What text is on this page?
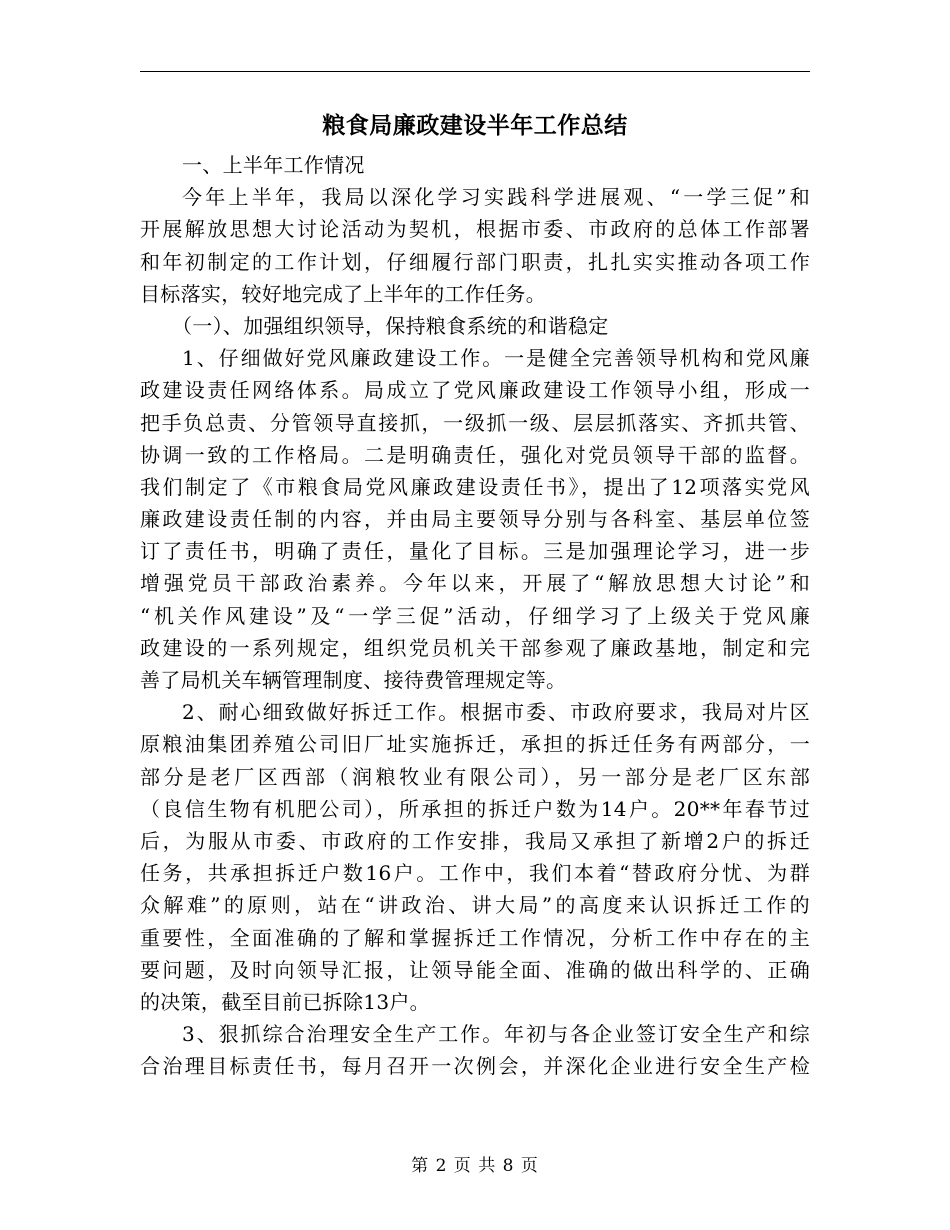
粮食局廉政建设半年工作总结
一、上半年工作情况
今年上半年，我局以深化学习实践科学进展观、“一学三促”和
开展解放思想大讨论活动为契机，根据市委、市政府的总体工作部署
和年初制定的工作计划，仔细履行部门职责，扎扎实实推动各项工作
目标落实，较好地完成了上半年的工作任务。
（一）、加强组织领导，保持粮食系统的和谐稳定
1、仔细做好党风廉政建设工作。一是健全完善领导机构和党风廉
政建设责任网络体系。局成立了党风廉政建设工作领导小组，形成一
把手负总责、分管领导直接抓，一级抓一级、层层抓落实、齐抓共管、
协调一致的工作格局。二是明确责任，强化对党员领导干部的监督。
我们制定了《市粮食局党风廉政建设责任书》，提出了12项落实党风
廉政建设责任制的内容，并由局主要领导分别与各科室、基层单位签
订了责任书，明确了责任，量化了目标。三是加强理论学习，进一步
增强党员干部政治素养。今年以来，开展了“解放思想大讨论”和
“机关作风建设”及“一学三促”活动，仔细学习了上级关于党风廉
政建设的一系列规定，组织党员机关干部参观了廉政基地，制定和完
善了局机关车辆管理制度、接待费管理规定等。
2、耐心细致做好拆迁工作。根据市委、市政府要求，我局对片区
原粮油集团养殖公司旧厂址实施拆迁，承担的拆迁任务有两部分，一
部分是老厂区西部（润粮牧业有限公司），另一部分是老厂区东部
（良信生物有机肥公司），所承担的拆迁户数为14户。20**年春节过
后，为服从市委、市政府的工作安排，我局又承担了新增2户的拆迁
任务，共承担拆迁户数16户。工作中，我们本着“替政府分忧、为群
众解难”的原则，站在“讲政治、讲大局”的高度来认识拆迁工作的
重要性，全面准确的了解和掌握拆迁工作情况，分析工作中存在的主
要问题，及时向领导汇报，让领导能全面、准确的做出科学的、正确
的决策，截至目前已拆除13户。
3、狠抓综合治理安全生产工作。年初与各企业签订安全生产和综
合治理目标责任书，每月召开一次例会，并深化企业进行安全生产检
第 2 页 共 8 页
